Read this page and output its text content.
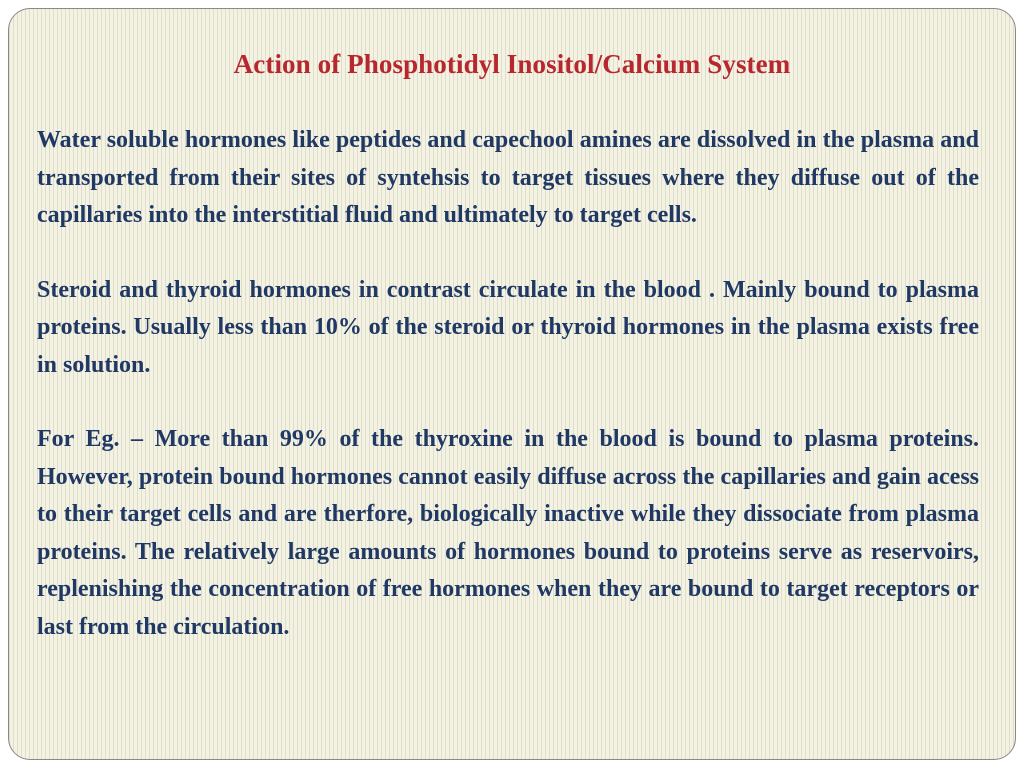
Action of Phosphotidyl Inositol/Calcium System

Water soluble hormones like peptides and capechool amines are dissolved in the plasma and transported from their sites of syntehsis to target tissues where they diffuse out of the capillaries into the interstitial fluid and ultimately to target cells.

Steroid and thyroid hormones in contrast circulate in the blood . Mainly bound to plasma proteins. Usually less than 10% of the steroid or thyroid hormones in the plasma exists free in solution.

For Eg. – More than 99% of the thyroxine in the blood is bound to plasma proteins. However, protein bound hormones cannot easily diffuse across the capillaries and gain acess to their target cells and are therfore, biologically inactive while they dissociate from plasma proteins. The relatively large amounts of hormones bound to proteins serve as reservoirs, replenishing the concentration of free hormones when they are bound to target receptors or last from the circulation.
